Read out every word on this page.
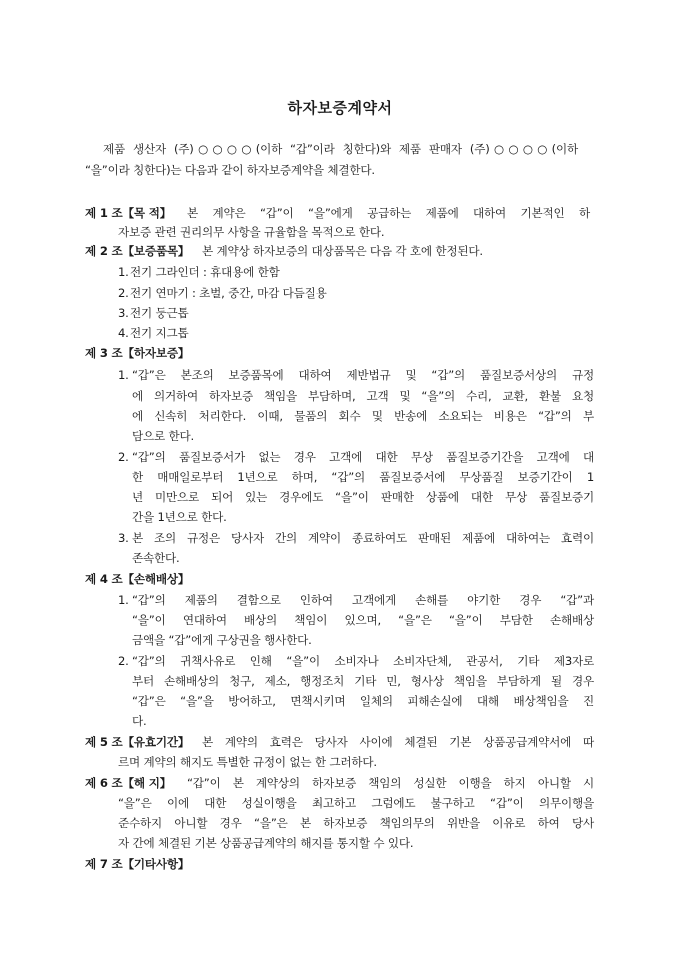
하자보증계약서
제품 생산자 (주)○○○○(이하 “갑”이라 칭한다)와 제품 판매자 (주)○○○○(이하
“을”이라 칭한다)는 다음과 같이 하자보증계약을 체결한다.
제 1 조【목 적】 본 계약은 “갑”이 “을”에게 공급하는 제품에 대하여 기본적인 하
자보증 관련 권리의무 사항을 규율함을 목적으로 한다.
제 2 조【보증품목】 본 계약상 하자보증의 대상품목은 다음 각 호에 한정된다.
1. 전기 그라인더 : 휴대용에 한함
2. 전기 연마기 : 초벌, 중간, 마감 다듬질용
3. 전기 둥근톱
4. 전기 지그톱
제 3 조【하자보증】
1. “갑”은 본조의 보증품목에 대하여 제반법규 및 “갑”의 품질보증서상의 규정
에 의거하여 하자보증 책임을 부담하며, 고객 및 “을”의 수리, 교환, 환불 요청
에 신속히 처리한다. 이때, 물품의 회수 및 반송에 소요되는 비용은 “갑”의 부
담으로 한다.
2. “갑”의 품질보증서가 없는 경우 고객에 대한 무상 품질보증기간을 고객에 대
한 매매일로부터 1년으로 하며, “갑”의 품질보증서에 무상품질 보증기간이 1
년 미만으로 되어 있는 경우에도 “을”이 판매한 상품에 대한 무상 품질보증기
간을 1년으로 한다.
3. 본 조의 규정은 당사자 간의 계약이 종료하여도 판매된 제품에 대하여는 효력이
존속한다.
제 4 조【손해배상】
1. “갑”의 제품의 결함으로 인하여 고객에게 손해를 야기한 경우 “갑”과
“을”이 연대하여 배상의 책임이 있으며, “을”은 “을”이 부담한 손해배상
금액을 “갑”에게 구상권을 행사한다.
2. “갑”의 귀책사유로 인해 “을”이 소비자나 소비자단체, 관공서, 기타 제3자로
부터 손해배상의 청구, 제소, 행정조치 기타 민, 형사상 책임을 부담하게 될 경우
“갑”은 “을”을 방어하고, 면책시키며 일체의 피해손실에 대해 배상책임을 진
다.
제 5 조【유효기간】 본 계약의 효력은 당사자 사이에 체결된 기본 상품공급계약서에 따
르며 계약의 해지도 특별한 규정이 없는 한 그러하다.
제 6 조【해 지】 “갑”이 본 계약상의 하자보증 책임의 성실한 이행을 하지 아니할 시
“을”은 이에 대한 성실이행을 최고하고 그럼에도 불구하고 “갑”이 의무이행을
준수하지 아니할 경우 “을”은 본 하자보증 책임의무의 위반을 이유로 하여 당사
자 간에 체결된 기본 상품공급계약의 해지를 통지할 수 있다.
제 7 조【기타사항】
